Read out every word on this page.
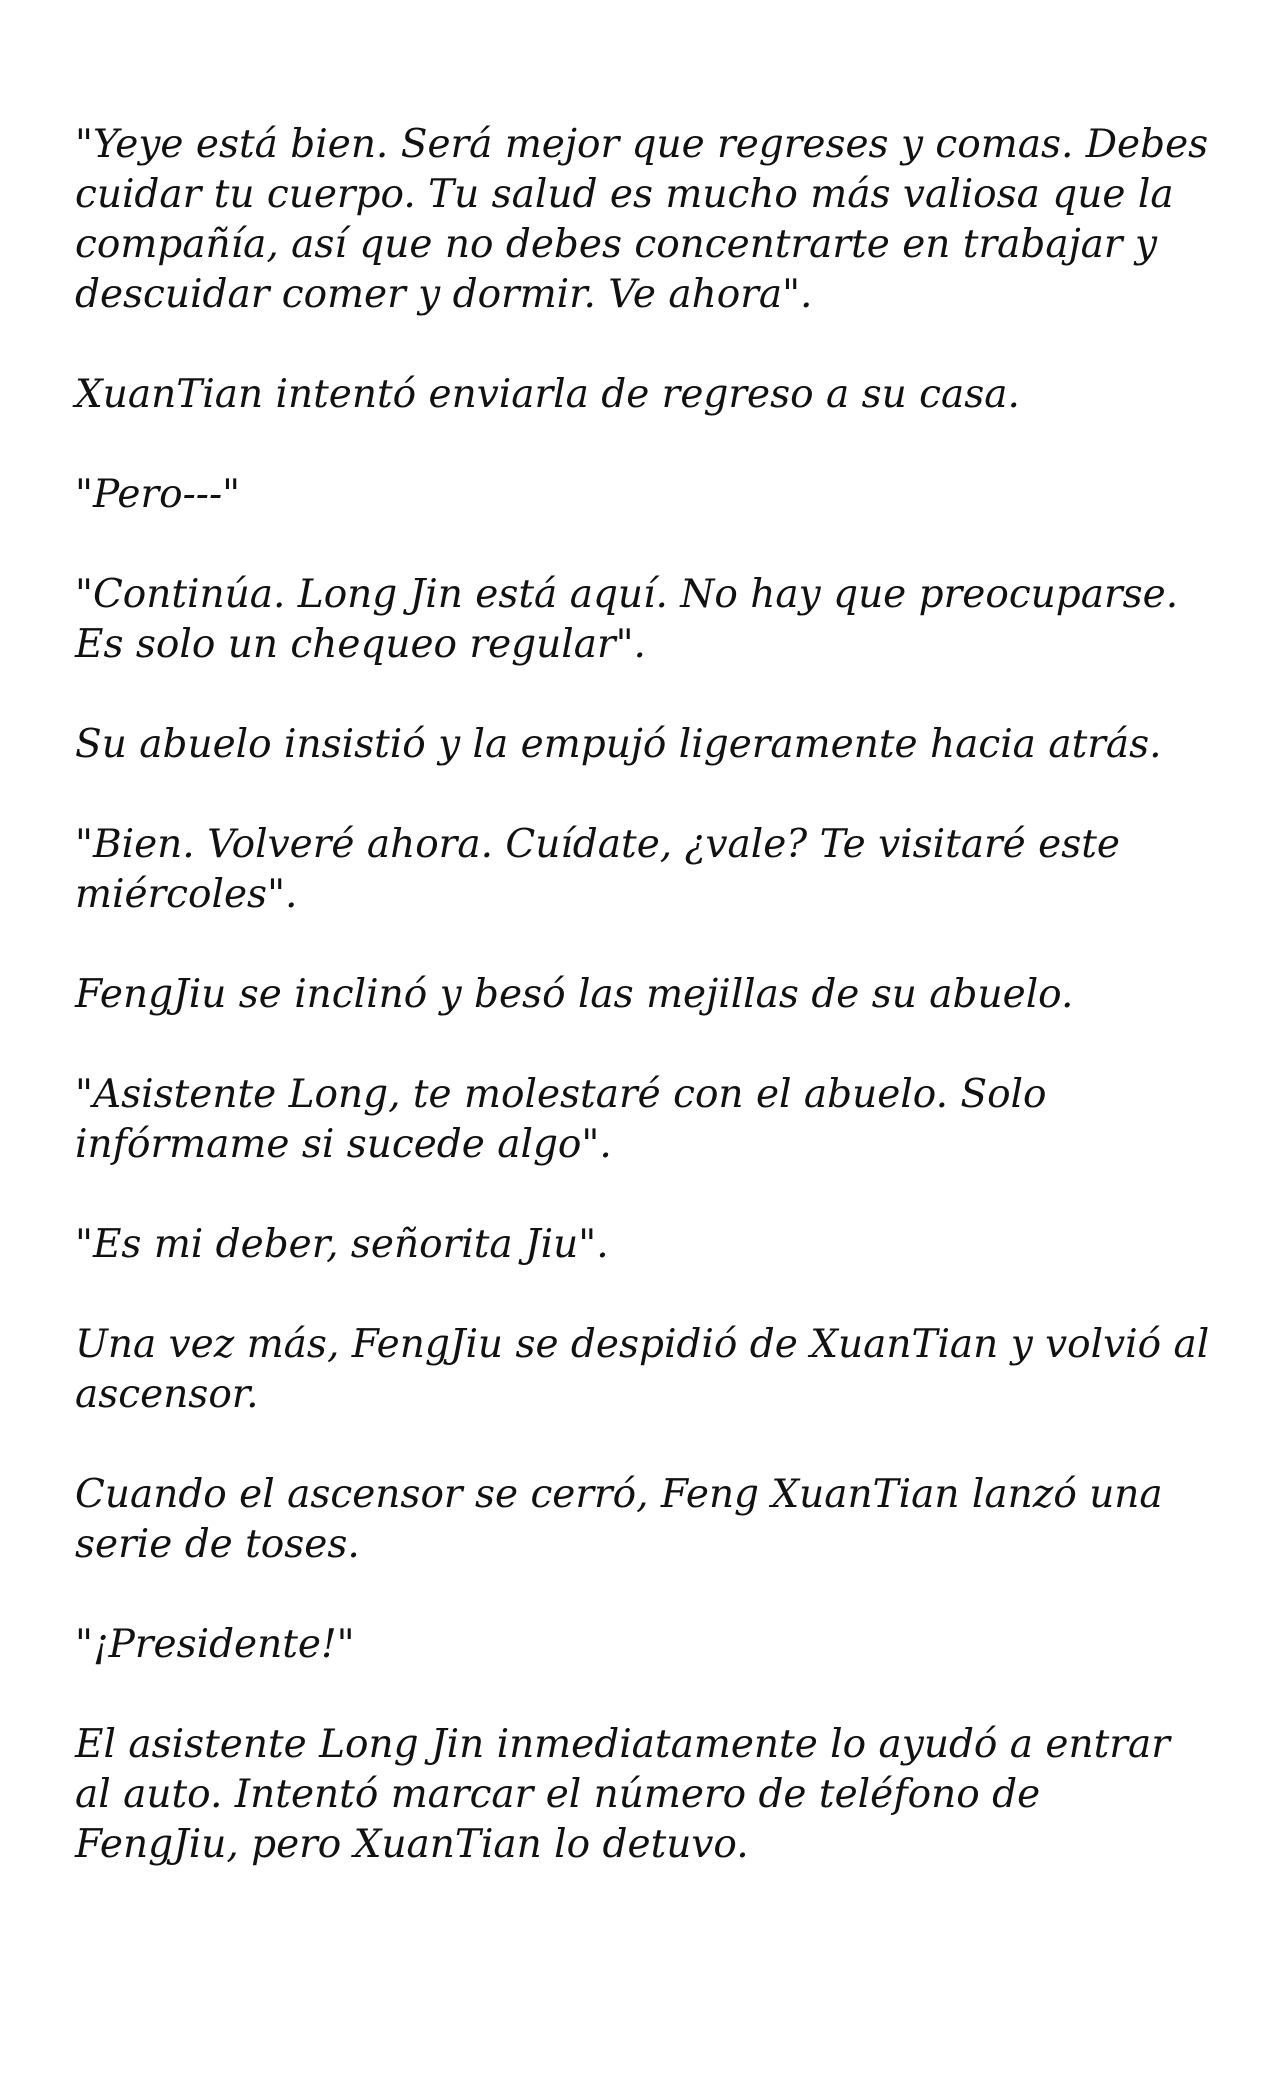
"Yeye está bien. Será mejor que regreses y comas. Debes cuidar tu cuerpo. Tu salud es mucho más valiosa que la compañía, así que no debes concentrarte en trabajar y descuidar comer y dormir. Ve ahora".

XuanTian intentó enviarla de regreso a su casa.

"Pero---"

"Continúa. Long Jin está aquí. No hay que preocuparse. Es solo un chequeo regular".

Su abuelo insistió y la empujó ligeramente hacia atrás.

"Bien. Volveré ahora. Cuídate, ¿vale? Te visitaré este miércoles".

FengJiu se inclinó y besó las mejillas de su abuelo.

"Asistente Long, te molestaré con el abuelo. Solo infórmame si sucede algo".

"Es mi deber, señorita Jiu".

Una vez más, FengJiu se despidió de XuanTian y volvió al ascensor.

Cuando el ascensor se cerró, Feng XuanTian lanzó una serie de toses.

"¡Presidente!"

El asistente Long Jin inmediatamente lo ayudó a entrar al auto. Intentó marcar el número de teléfono de FengJiu, pero XuanTian lo detuvo.
